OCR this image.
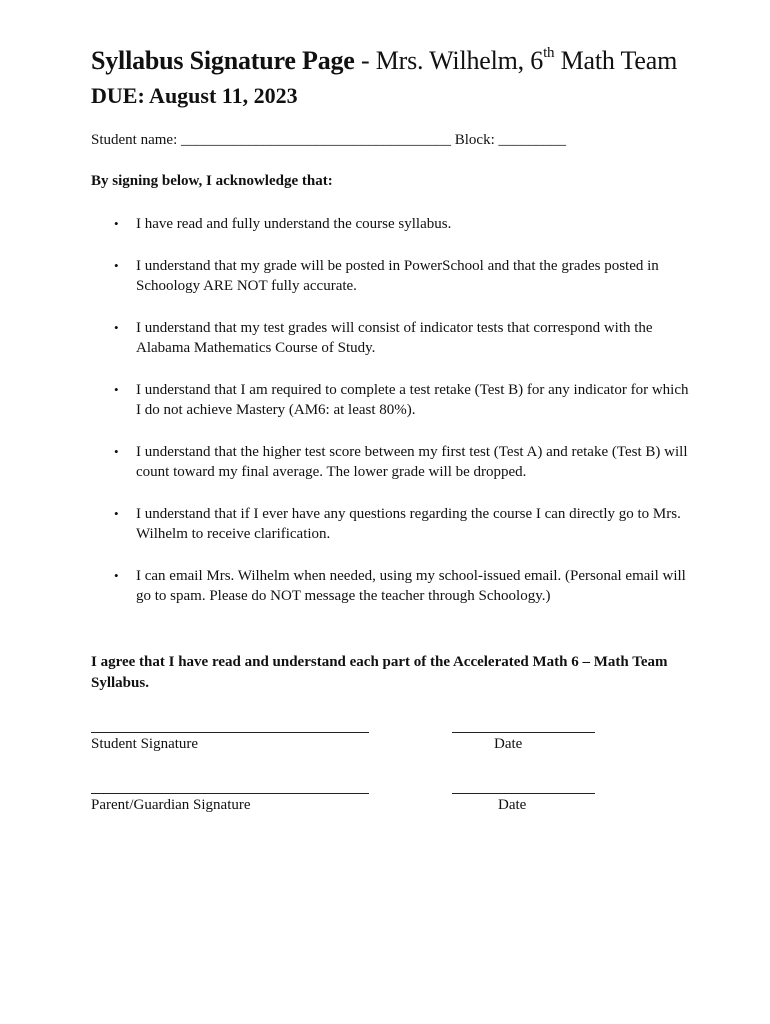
Syllabus Signature Page - Mrs. Wilhelm, 6th Math Team
DUE: August 11, 2023
Student name: ____________________________________ Block: _________
By signing below, I acknowledge that:
• I have read and fully understand the course syllabus.
• I understand that my grade will be posted in PowerSchool and that the grades posted in Schoology ARE NOT fully accurate.
• I understand that my test grades will consist of indicator tests that correspond with the Alabama Mathematics Course of Study.
• I understand that I am required to complete a test retake (Test B) for any indicator for which I do not achieve Mastery (AM6: at least 80%).
• I understand that the higher test score between my first test (Test A) and retake (Test B) will count toward my final average. The lower grade will be dropped.
• I understand that if I ever have any questions regarding the course I can directly go to Mrs. Wilhelm to receive clarification.
• I can email Mrs. Wilhelm when needed, using my school-issued email. (Personal email will go to spam. Please do NOT message the teacher through Schoology.)
I agree that I have read and understand each part of the Accelerated Math 6 – Math Team Syllabus.
Student Signature	Date
Parent/Guardian Signature	Date
